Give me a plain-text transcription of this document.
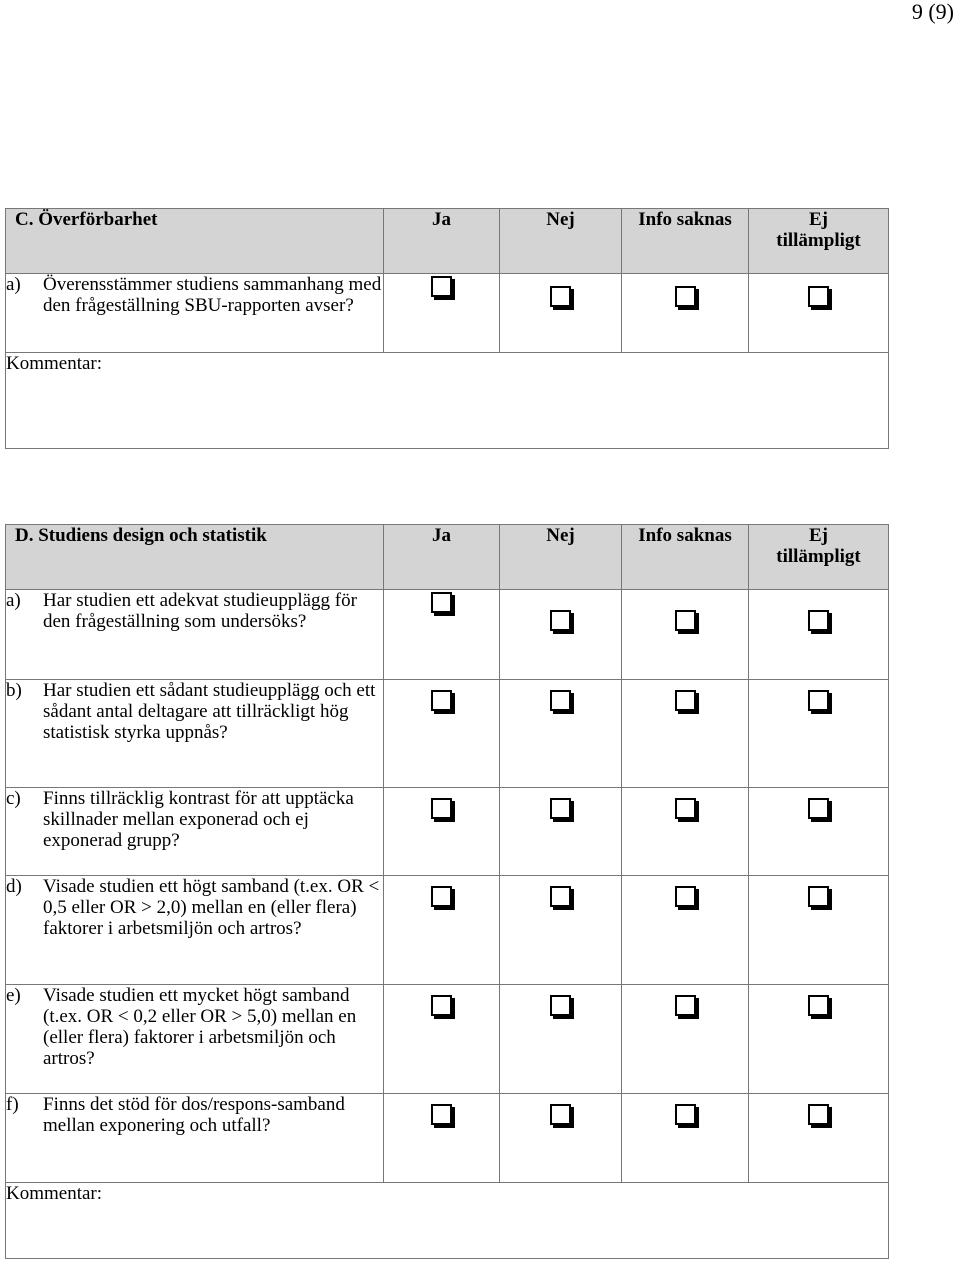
9 (9)
C. Överförbarhet	Ja	Nej	Info saknas	Ej
tillämpligt

a) Överensstämmer studiens sammanhang med den frågeställning SBU-rapporten avser?				

Kommentar:				
D. Studiens design och statistik	Ja	Nej	Info saknas	Ej
tillämpligt

a) Har studien ett adekvat studieupplägg för den frågeställning som undersöks?				

b) Har studien ett sådant studieupplägg och ett sådant antal deltagare att tillräckligt hög statistisk styrka uppnås?				

c) Finns tillräcklig kontrast för att upptäcka skillnader mellan exponerad och ej exponerad grupp?				

d) Visade studien ett högt samband (t.ex. OR < 0,5 eller OR > 2,0) mellan en (eller flera) faktorer i arbetsmiljön och artros?				

e) Visade studien ett mycket högt samband (t.ex. OR < 0,2 eller OR > 5,0) mellan en (eller flera) faktorer i arbetsmiljön och artros?				

f) Finns det stöd för dos/respons-samband mellan exponering och utfall?				

Kommentar:				
